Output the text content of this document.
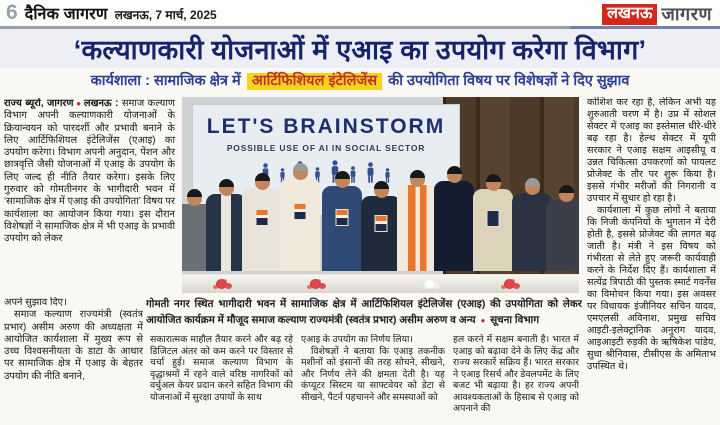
6 दैनिक जागरण लखनऊ, 7 मार्च, 2025	लखनऊ जागरण
‘कल्याणकारी योजनाओं में एआइ का उपयोग करेगा विभाग’
कार्यशाला : सामाजिक क्षेत्र में आर्टिफिशियल इंटेलिजेंस की उपयोगिता विषय पर विशेषज्ञों ने दिए सुझाव

राज्य ब्यूरो, जागरण ● लखनऊ : समाज कल्याण विभाग अपनी कल्याणकारी योजनाओं के क्रियान्वयन को पारदर्शी और प्रभावी बनाने के लिए आर्टिफिशियल इंटेलिजेंस (एआइ) का उपयोग करेगा। विभाग अपनी अनुदान, पेंशन और छात्रवृत्ति जैसी योजनाओं में एआइ के उपयोग के लिए जल्द ही नीति तैयार करेगा। इसके लिए गुरुवार को गोमतीनगर के भागीदारी भवन में ‘सामाजिक क्षेत्र में एआइ की उपयोगिता’ विषय पर कार्यशाला का आयोजन किया गया। इस दौरान विशेषज्ञों ने सामाजिक क्षेत्र में भी एआइ के प्रभावी उपयोग को लेकर

अपने सुझाव दिए।

समाज कल्याण राज्यमंत्री (स्वतंत्र प्रभार) असीम अरुण की अध्यक्षता में आयोजित कार्यशाला में मुख्य रूप से उच्च विश्वसनीयता के डाटा के आधार पर सामाजिक क्षेत्र में एआइ के बेहतर उपयोग की नीति बनाने,

LET'S BRAINSTORM
POSSIBLE USE OF AI IN SOCIAL SECTOR
गोमती नगर स्थित भागीदारी भवन में सामाजिक क्षेत्र में आर्टिफिशियल इंटेलिजेंस (एआइ) की उपयोगिता को लेकर आयोजित कार्यक्रम में मौजूद समाज कल्याण राज्यमंत्री (स्वतंत्र प्रभार) असीम अरुण व अन्य ● सूचना विभाग

सकारात्मक माहौल तैयार करने और बढ़ रहे डिजिटल अंतर को कम करने पर विस्तार से चर्चा हुई। समाज कल्याण विभाग के वृद्धाश्रमों में रहने वाले वरिष्ठ नागरिकों को वर्चुअल केयर प्रदान करने सहित विभाग की योजनाओं में सुरक्षा उपायों के साथ

एआइ के उपयोग का निर्णय लिया।

विशेषज्ञों ने बताया कि एआइ तकनीक मशीनों को इंसानों की तरह सोचने, सीखने, और निर्णय लेने की क्षमता देती है। यह कंप्यूटर सिस्टम या साफ्टवेयर को डेटा से सीखने, पैटर्न पहचानने और समस्याओं को

हल करने में सक्षम बनाती है। भारत में एआइ को बढ़ावा देने के लिए केंद्र और राज्य सरकारें सक्रिय हैं। भारत सरकार ने एआइ रिसर्च और डेवलपमेंट के लिए बजट भी बढ़ाया है। हर राज्य अपनी आवश्यकताओं के हिसाब से एआइ को अपनाने की

कोशिश कर रहा है, लेकिन अभी यह शुरुआती चरण में है। उप्र में सोशल सेक्टर में एआइ का इस्तेमाल धीरे-धीरे बढ़ रहा है। हेल्थ सेक्टर में यूपी सरकार ने एआइ सक्षम आइसीयू व उन्नत चिकित्सा उपकरणों को पायलट प्रोजेक्ट के तौर पर शुरू किया है। इससे गंभीर मरीजों की निगरानी व उपचार में सुधार हो रहा है।

कार्यशाला में कुछ लोगों ने बताया कि निजी कंपनियों के भुगतान में देरी होती है, इससे प्रोजेक्ट की लागत बढ़ जाती है। मंत्री ने इस विषय को गंभीरता से लेते हुए जरूरी कार्यवाही करने के निर्देश दिए हैं। कार्यशाला में सत्येंद्र त्रिपाठी की पुस्तक स्मार्ट गवर्नेंस का विमोचन किया गया। इस अवसर पर विधायक इंजीनियर सचिन यादव, एमएलसी अविनाश, प्रमुख सचिव आइटी-इलेक्ट्रानिक अनुराग यादव, आइआइटी रुड़की के ऋषिकेश पांडेय, सुधा श्रीनिवास, टीसीएस के अमिताभ उपस्थित थे।
